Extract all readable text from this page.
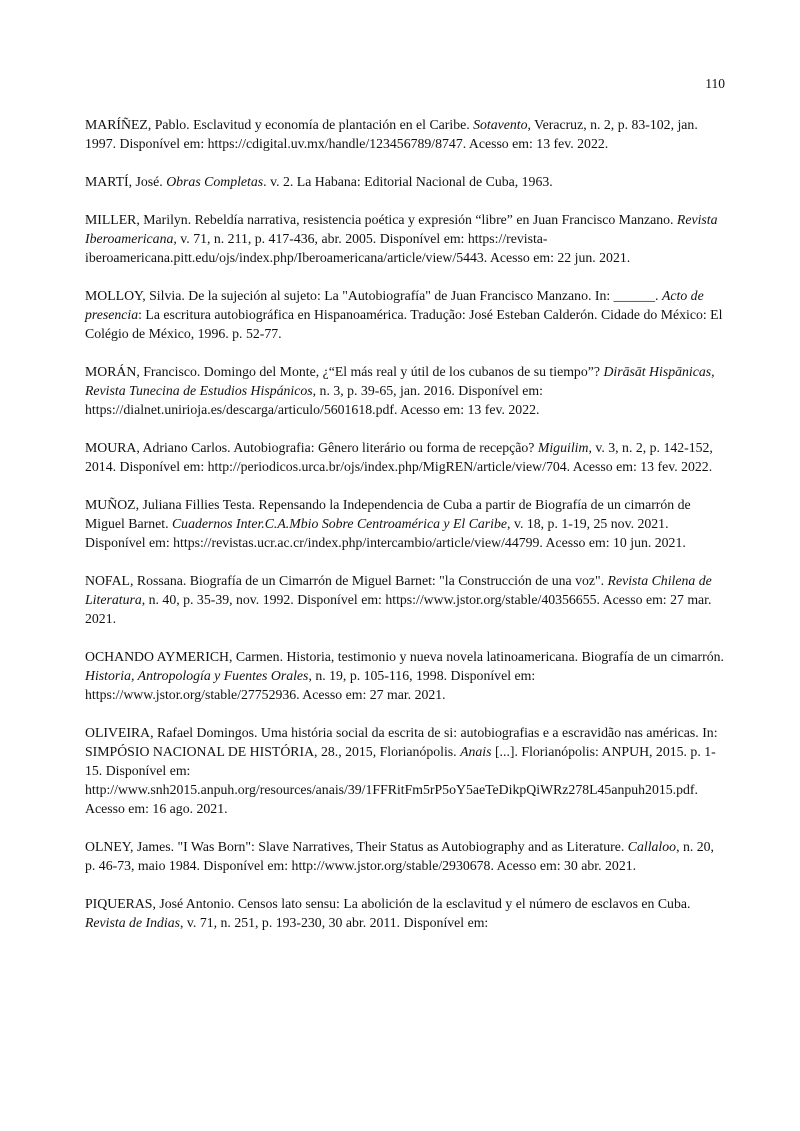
110

MARÍÑEZ, Pablo. Esclavitud y economía de plantación en el Caribe. Sotavento, Veracruz, n. 2, p. 83-102, jan. 1997. Disponível em: https://cdigital.uv.mx/handle/123456789/8747. Acesso em: 13 fev. 2022.

MARTÍ, José. Obras Completas. v. 2. La Habana: Editorial Nacional de Cuba, 1963.

MILLER, Marilyn. Rebeldía narrativa, resistencia poética y expresión “libre” en Juan Francisco Manzano. Revista Iberoamericana, v. 71, n. 211, p. 417-436, abr. 2005. Disponível em: https://revista-iberoamericana.pitt.edu/ojs/index.php/Iberoamericana/article/view/5443. Acesso em: 22 jun. 2021.

MOLLOY, Silvia. De la sujeción al sujeto: La "Autobiografía" de Juan Francisco Manzano. In: ______. Acto de presencia: La escritura autobiográfica en Hispanoamérica. Tradução: José Esteban Calderón. Cidade do México: El Colégio de México, 1996. p. 52-77.

MORÁN, Francisco. Domingo del Monte, ¿“El más real y útil de los cubanos de su tiempo”? Dirāsāt Hispānicas, Revista Tunecina de Estudios Hispánicos, n. 3, p. 39-65, jan. 2016. Disponível em: https://dialnet.unirioja.es/descarga/articulo/5601618.pdf. Acesso em: 13 fev. 2022.

MOURA, Adriano Carlos. Autobiografia: Gênero literário ou forma de recepção? Miguilim, v. 3, n. 2, p. 142-152, 2014. Disponível em: http://periodicos.urca.br/ojs/index.php/MigREN/article/view/704. Acesso em: 13 fev. 2022.

MUÑOZ, Juliana Fillies Testa. Repensando la Independencia de Cuba a partir de Biografía de un cimarrón de Miguel Barnet. Cuadernos Inter.C.A.Mbio Sobre Centroamérica y El Caribe, v. 18, p. 1-19, 25 nov. 2021. Disponível em: https://revistas.ucr.ac.cr/index.php/intercambio/article/view/44799. Acesso em: 10 jun. 2021.

NOFAL, Rossana. Biografía de un Cimarrón de Miguel Barnet: "la Construcción de una voz". Revista Chilena de Literatura, n. 40, p. 35-39, nov. 1992. Disponível em: https://www.jstor.org/stable/40356655. Acesso em: 27 mar. 2021.

OCHANDO AYMERICH, Carmen. Historia, testimonio y nueva novela latinoamericana. Biografía de un cimarrón. Historia, Antropología y Fuentes Orales, n. 19, p. 105-116, 1998. Disponível em: https://www.jstor.org/stable/27752936. Acesso em: 27 mar. 2021.

OLIVEIRA, Rafael Domingos. Uma história social da escrita de si: autobiografias e a escravidão nas américas. In: SIMPÓSIO NACIONAL DE HISTÓRIA, 28., 2015, Florianópolis. Anais [...]. Florianópolis: ANPUH, 2015. p. 1-15. Disponível em: http://www.snh2015.anpuh.org/resources/anais/39/1FFRitFm5rP5oY5aeTeDikpQiWRz278L45anpuh2015.pdf. Acesso em: 16 ago. 2021.

OLNEY, James. "I Was Born": Slave Narratives, Their Status as Autobiography and as Literature. Callaloo, n. 20, p. 46-73, maio 1984. Disponível em: http://www.jstor.org/stable/2930678. Acesso em: 30 abr. 2021.

PIQUERAS, José Antonio. Censos lato sensu: La abolición de la esclavitud y el número de esclavos en Cuba. Revista de Indias, v. 71, n. 251, p. 193-230, 30 abr. 2011. Disponível em:
